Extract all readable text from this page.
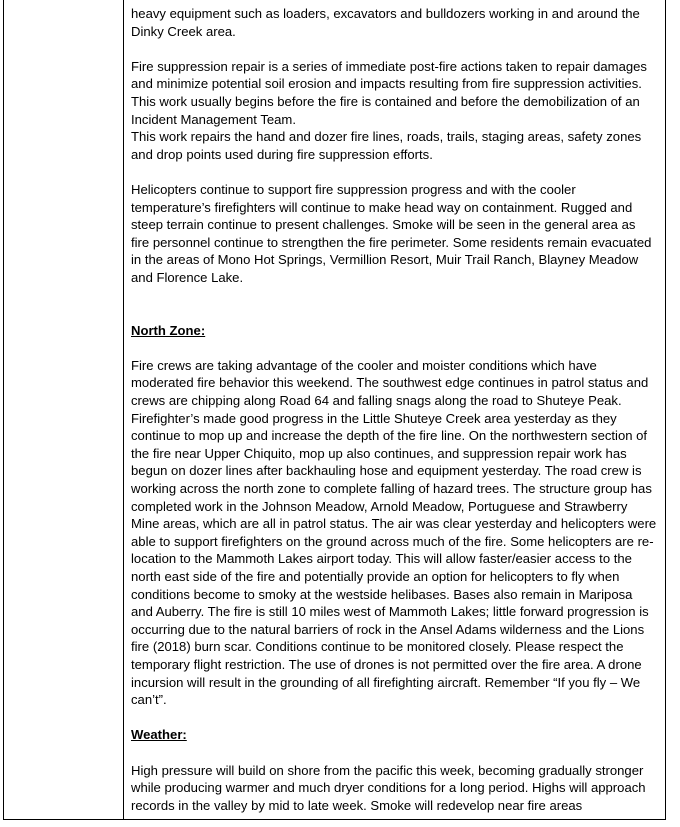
heavy equipment such as loaders, excavators and bulldozers working in and around the Dinky Creek area.

Fire suppression repair is a series of immediate post-fire actions taken to repair damages and minimize potential soil erosion and impacts resulting from fire suppression activities. This work usually begins before the fire is contained and before the demobilization of an Incident Management Team.

This work repairs the hand and dozer fire lines, roads, trails, staging areas, safety zones and drop points used during fire suppression efforts.

Helicopters continue to support fire suppression progress and with the cooler temperature’s firefighters will continue to make head way on containment. Rugged and steep terrain continue to present challenges. Smoke will be seen in the general area as fire personnel continue to strengthen the fire perimeter. Some residents remain evacuated in the areas of Mono Hot Springs, Vermillion Resort, Muir Trail Ranch, Blayney Meadow and Florence Lake.

North Zone:

Fire crews are taking advantage of the cooler and moister conditions which have moderated fire behavior this weekend. The southwest edge continues in patrol status and crews are chipping along Road 64 and falling snags along the road to Shuteye Peak. Firefighter’s made good progress in the Little Shuteye Creek area yesterday as they continue to mop up and increase the depth of the fire line. On the northwestern section of the fire near Upper Chiquito, mop up also continues, and suppression repair work has begun on dozer lines after backhauling hose and equipment yesterday. The road crew is working across the north zone to complete falling of hazard trees. The structure group has completed work in the Johnson Meadow, Arnold Meadow, Portuguese and Strawberry Mine areas, which are all in patrol status. The air was clear yesterday and helicopters were able to support firefighters on the ground across much of the fire. Some helicopters are re-location to the Mammoth Lakes airport today. This will allow faster/easier access to the north east side of the fire and potentially provide an option for helicopters to fly when conditions become to smoky at the westside helibases. Bases also remain in Mariposa and Auberry. The fire is still 10 miles west of Mammoth Lakes; little forward progression is occurring due to the natural barriers of rock in the Ansel Adams wilderness and the Lions fire (2018) burn scar. Conditions continue to be monitored closely. Please respect the temporary flight restriction. The use of drones is not permitted over the fire area. A drone incursion will result in the grounding of all firefighting aircraft. Remember “If you fly – We can’t”.

Weather:

High pressure will build on shore from the pacific this week, becoming gradually stronger while producing warmer and much dryer conditions for a long period. Highs will approach records in the valley by mid to late week. Smoke will redevelop near fire areas
